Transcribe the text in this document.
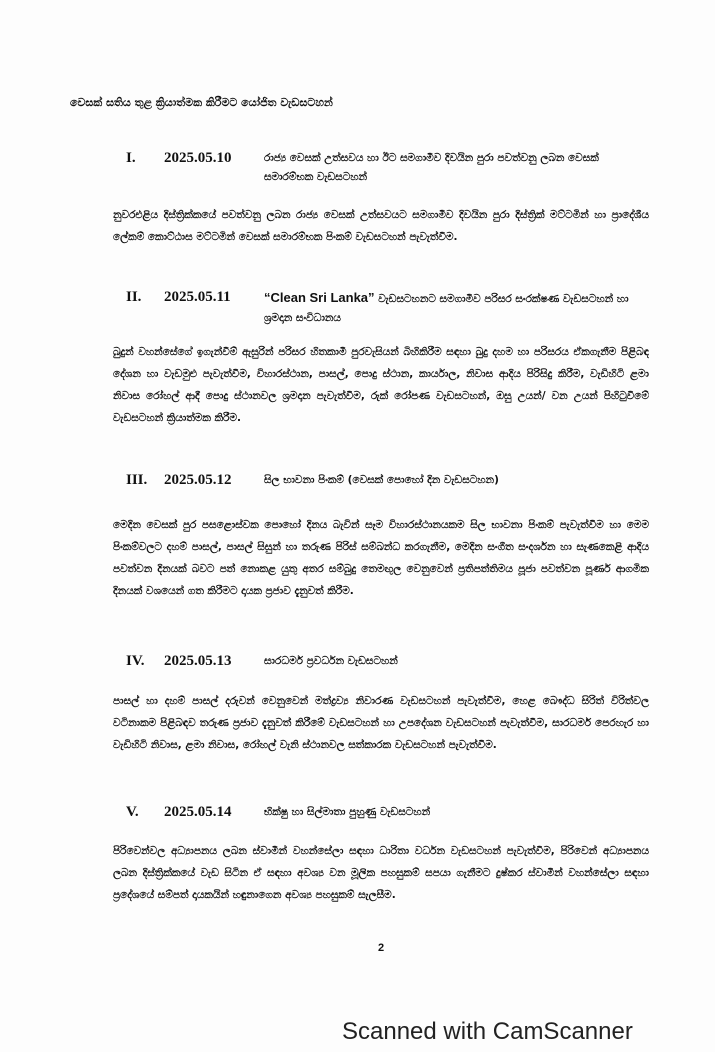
වෙසක් සතිය තුළ ක්‍රියාත්මක කිරීමට යෝජිත වැඩසටහන්
I.	2025.05.10	රාජ්‍ය වෙසක් උත්සවය හා ඊට සමගාමීව දිවයින පුරා පවත්වනු ලබන වෙසක් සමාරම්භක වැඩසටහන්
නුවරඑළිය දිස්ත්‍රික්කයේ පවත්වනු ලබන රාජ්‍ය වෙසක් උත්සවයට සමගාමීව දිවයින පුරා දිස්ත්‍රික් මට්ටමින් හා ප්‍රාදේශීය ලේකම් කොට්ඨාස මට්ටමින් වෙසක් සමාරම්භක පිංකම් වැඩසටහන් පැවැත්වීම.
II.	2025.05.11	“Clean Sri Lanka” වැඩසටහනට සමගාමීව පරිසර සංරක්ෂණ වැඩසටහන් හා ශ්‍රමදාන සංවිධානය
බුදුන් වහන්සේගේ ඉගැන්වීම් ඇසුරින් පරිසර හිතකාමී පුරවැසියන් බිහිකිරීම සඳහා බුදු දහම හා පරිසරය ඒකගැනීම පිළිබඳ දේශන හා වැඩමුළු පැවැත්වීම, විහාරස්ථාන, පාසල්, පොදු ස්ථාන, කාර්යාල, නිවාස ආදිය පිරිසිදු කිරීම, වැඩිහිටි ළමා නිවාස රෝහල් ආදී පොදු ස්ථානවල ශ්‍රමදාන පැවැත්වීම, රුක් රෝපණ වැඩසටහන්, ඔසු උයන්/ වන උයන් පිහිටුවීමේ වැඩසටහන් ක්‍රියාත්මක කිරීම.
III.	2025.05.12	සිල භාවනා පිංකම් (වෙසක් පොහෝ දින වැඩසටහන)
මෙදින වෙසක් පුර පසළොස්වක පොහෝ දිනය බැවින් සෑම විහාරස්ථානයකම සිල භාවනා පිංකම් පැවැත්වීම හා මෙම පිංකම්වලට දහම් පාසල්, පාසල් සිසුන් හා තරුණ පිරිස් සම්බන්ධ කරගැනීම, මෙදින සංගීත සංදර්ශන හා සැණකෙළි ආදිය පවත්වන දිනයක් බවට පත් නොකළ යුතු අතර සම්බුදු තෙමඟුල වෙනුවෙන් ප්‍රතිපත්තිමය පූජා පවත්වන පූර්ණ ආගමික දිනයක් වශයෙන් ගත කිරීමට දායක ප්‍රජාව දැනුවත් කිරීම.
IV.	2025.05.13	සාරධර්ම ප්‍රවර්ධන වැඩසටහන්
පාසල් හා දහම් පාසල් දරුවන් වෙනුවෙන් මත්ද්‍රව්‍ය නිවාරණ වැඩසටහන් පැවැත්වීම, හෙළ බෞද්ධ සිරිත් විරිත්වල වටිනාකම පිළිබඳව තරුණ ප්‍රජාව දැනුවත් කිරීමේ වැඩසටහන් හා උපදේශන වැඩසටහන් පැවැත්වීම, සාරධර්ම පෙරහැර හා වැඩිහිටි නිවාස, ළමා නිවාස, රෝහල් වැනි ස්ථානවල සත්කාරක වැඩසටහන් පැවැත්වීම.
V.	2025.05.14	භික්ෂු හා සිල්මාතා පුහුණු වැඩසටහන්
පිරිවෙන්වල අධ්‍යාපනය ලබන ස්වාමීන් වහන්සේලා සඳහා ධාරිතා වර්ධන වැඩසටහන් පැවැත්වීම, පිරිවෙන් අධ්‍යාපනය ලබන දිස්ත්‍රික්කයේ වැඩ සිටින ඒ සඳහා අවශ්‍ය වන මූලික පහසුකම් සපයා ගැනීමට දුෂ්කර ස්වාමීන් වහන්සේලා සඳහා ප්‍රදේශයේ සම්පත් දායකයින් හඳුනාගෙන අවශ්‍ය පහසුකම් සැලසීම.
2
Scanned with CamScanner
